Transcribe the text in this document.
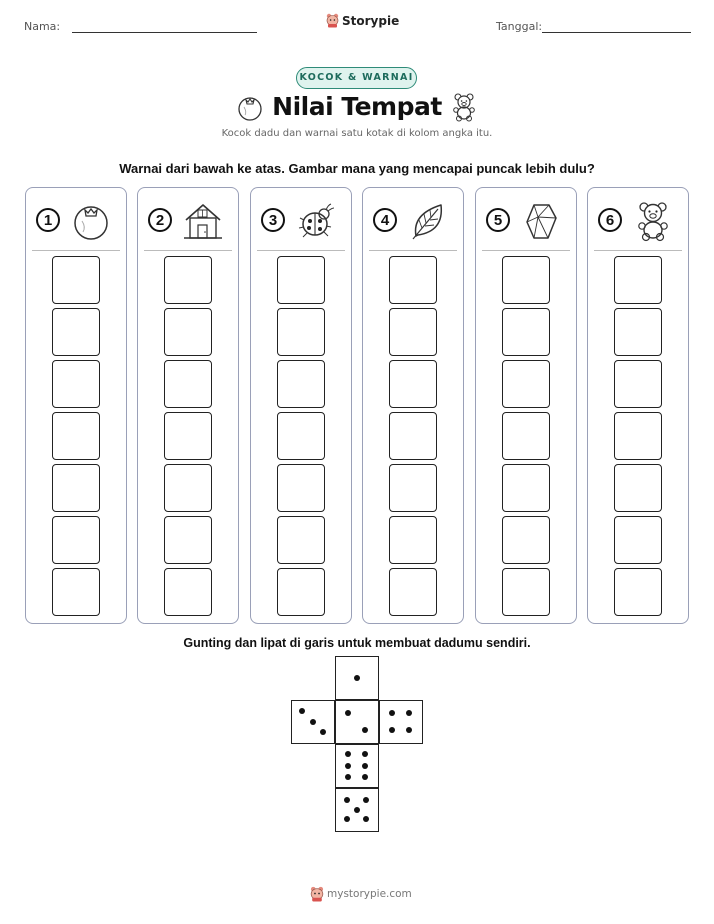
Nama:	Storypie	Tanggal:
KOCOK & WARNAI
Nilai Tempat
Kocok dadu dan warnai satu kotak di kolom angka itu.
Warnai dari bawah ke atas. Gambar mana yang mencapai puncak lebih dulu?
1	2	3	4	5	6
Gunting dan lipat di garis untuk membuat dadumu sendiri.
mystorypie.com
